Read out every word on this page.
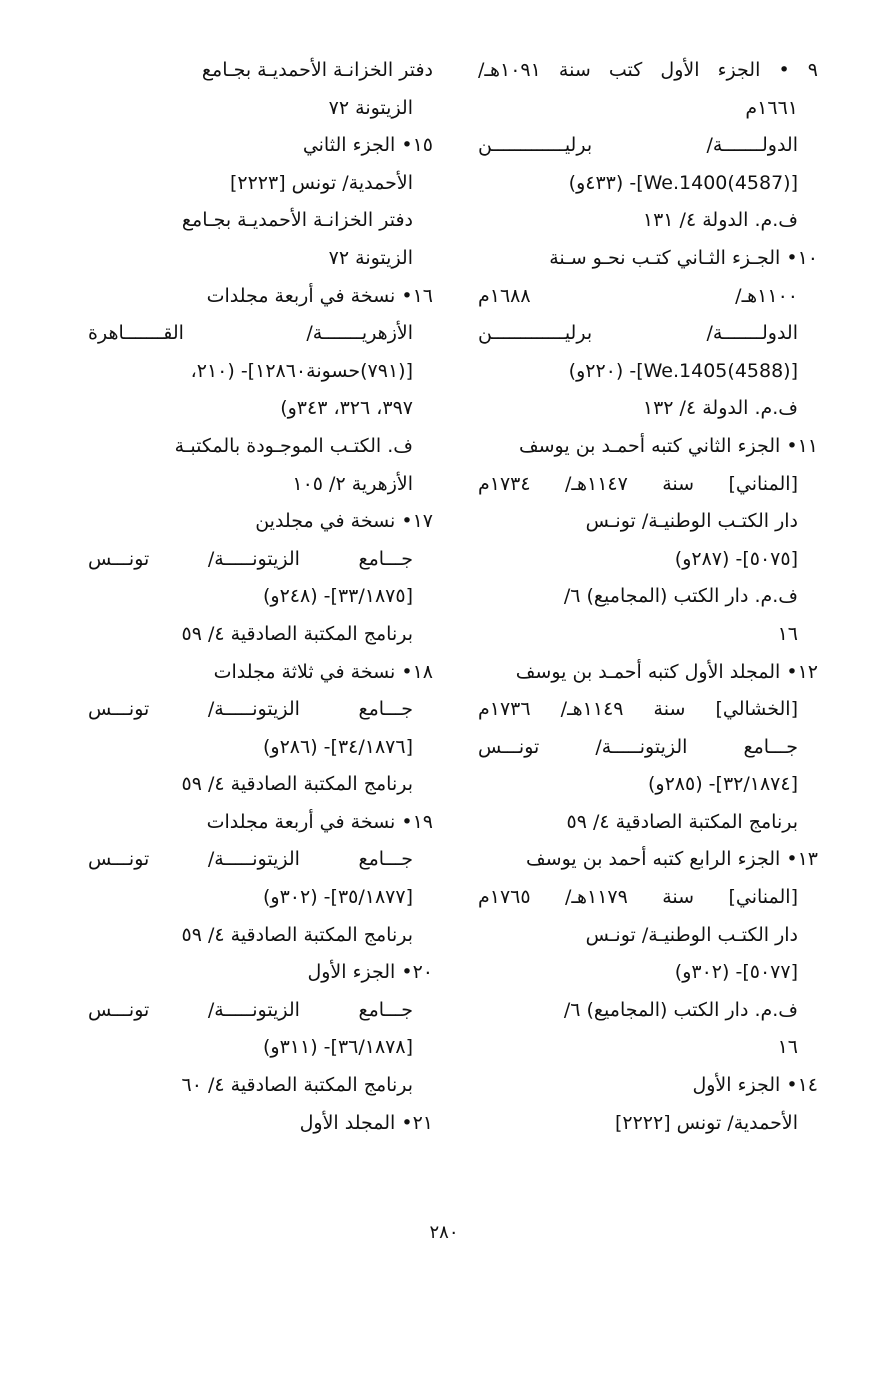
٩ • الجزء الأول كتب سنة ١٠٩١هـ/
١٦٦١م
الدولـــــــة/ برليـــــــــــــن
[(4587)We.1400]- (٤٣٣و)
ف.م. الدولة ٤/ ١٣١
١٠• الجـزء الثـاني كتـب نحـو سـنة
١١٠٠هـ/ ١٦٨٨م
الدولـــــــة/ برليـــــــــــــن
[(4588)We.1405]- (٢٢٠و)
ف.م. الدولة ٤/ ١٣٢
١١• الجزء الثاني كتبه أحمـد بن يوسف
[المناني] سنة ١١٤٧هـ/ ١٧٣٤م
دار الكتـب الوطنيـة/ تونـس
[٥٠٧٥]- (٢٨٧و)
ف.م. دار الكتب (المجاميع) ٦/
١٦
١٢• المجلد الأول كتبه أحمـد بن يوسف
[الخشالي] سنة ١١٤٩هـ/ ١٧٣٦م
جـــامع الزيتونـــــة/ تونـــس
[٣٢/١٨٧٤]- (٢٨٥و)
برنامج المكتبة الصادقية ٤/ ٥٩
١٣• الجزء الرابع كتبه أحمد بن يوسف
[المناني] سنة ١١٧٩هـ/ ١٧٦٥م
دار الكتـب الوطنيـة/ تونـس
[٥٠٧٧]- (٣٠٢و)
ف.م. دار الكتب (المجاميع) ٦/
١٦
١٤• الجزء الأول
الأحمدية/ تونس [٢٢٢٢]
دفتر الخزانـة الأحمديـة بجـامع
الزيتونة ٧٢
١٥• الجزء الثاني
الأحمدية/ تونس [٢٢٢٣]
دفتر الخزانـة الأحمديـة بجـامع
الزيتونة ٧٢
١٦• نسخة في أربعة مجلدات
الأزهريـــــــة/ القـــــــاهرة
[(٧٩١)حسونة١٢٨٦٠]- (٢١٠،
٣٩٧، ٣٢٦، ٣٤٣و)
ف. الكتـب الموجـودة بالمكتبـة
الأزهرية ٢/ ١٠٥
١٧• نسخة في مجلدين
جـــامع الزيتونـــــة/ تونـــس
[٣٣/١٨٧٥]- (٢٤٨و)
برنامج المكتبة الصادقية ٤/ ٥٩
١٨• نسخة في ثلاثة مجلدات
جـــامع الزيتونـــــة/ تونـــس
[٣٤/١٨٧٦]- (٢٨٦و)
برنامج المكتبة الصادقية ٤/ ٥٩
١٩• نسخة في أربعة مجلدات
جـــامع الزيتونـــــة/ تونـــس
[٣٥/١٨٧٧]- (٣٠٢و)
برنامج المكتبة الصادقية ٤/ ٥٩
٢٠• الجزء الأول
جـــامع الزيتونـــــة/ تونـــس
[٣٦/١٨٧٨]- (٣١١و)
برنامج المكتبة الصادقية ٤/ ٦٠
٢١• المجلد الأول
٢٨٠
